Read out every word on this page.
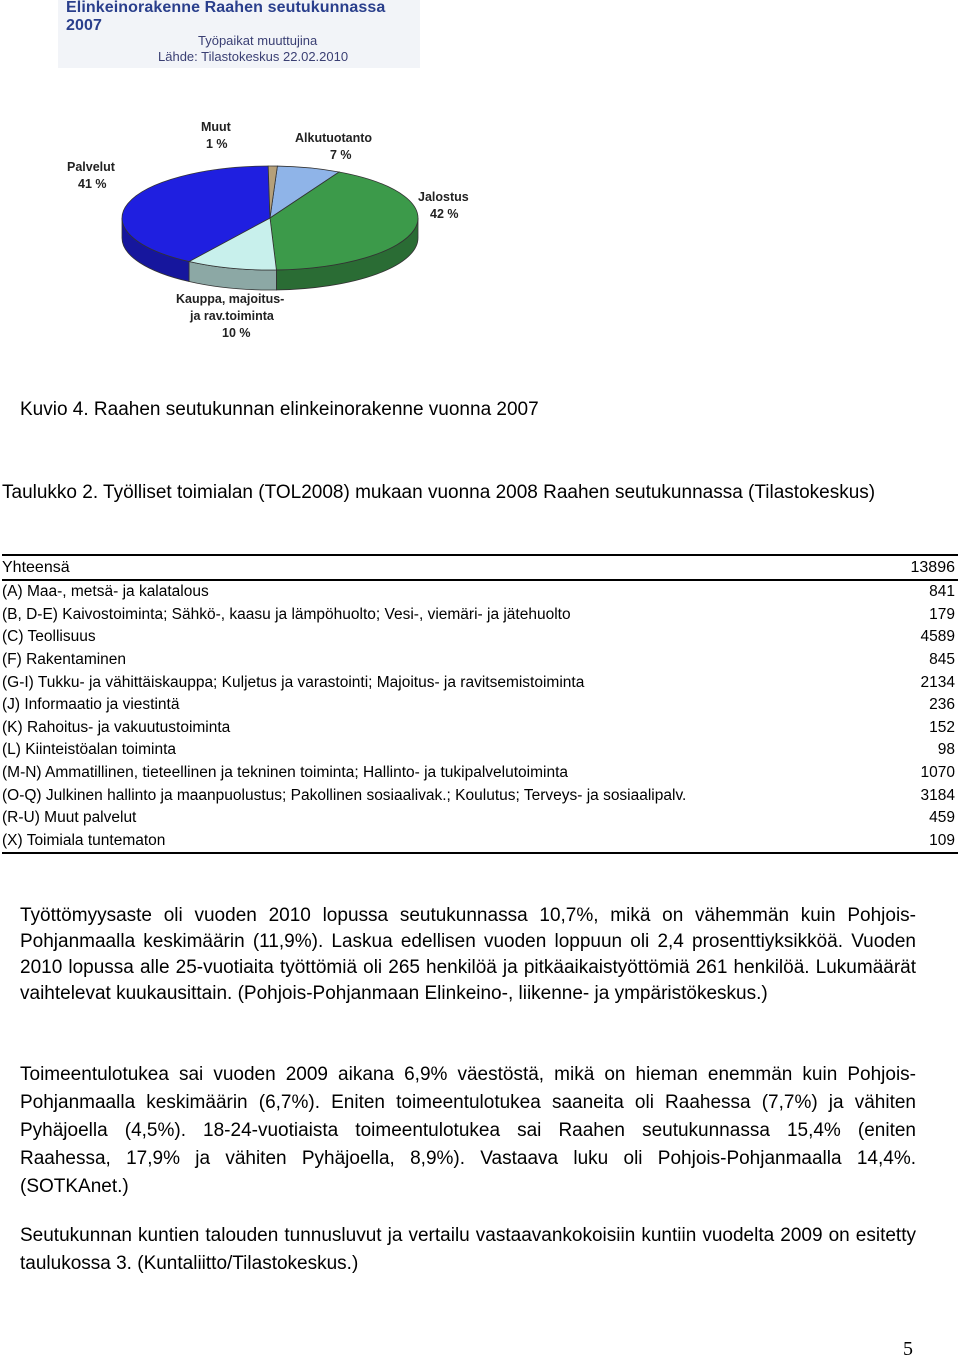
Elinkeinorakenne Raahen seutukunnassa 2007
Työpaikat muuttujina
Lähde: Tilastokeskus 22.02.2010
Muut
1 %	Alkutuotanto
7 %
Palvelut
41 %
Jalostus
42 %
Kauppa, majoitus-
ja rav.toiminta
10 %
Kuvio 4. Raahen seutukunnan elinkeinorakenne vuonna 2007
Taulukko 2. Työlliset toimialan (TOL2008) mukaan vuonna 2008 Raahen seutukunnassa (Tilastokeskus)
Yhteensä	13896
(A) Maa-, metsä- ja kalatalous	841
(B, D-E) Kaivostoiminta; Sähkö-, kaasu ja lämpöhuolto; Vesi-, viemäri- ja jätehuolto	179
(C) Teollisuus	4589
(F) Rakentaminen	845
(G-I) Tukku- ja vähittäiskauppa; Kuljetus ja varastointi; Majoitus- ja ravitsemistoiminta	2134
(J) Informaatio ja viestintä	236
(K) Rahoitus- ja vakuutustoiminta	152
(L) Kiinteistöalan toiminta	98
(M-N) Ammatillinen, tieteellinen ja tekninen toiminta; Hallinto- ja tukipalvelutoiminta	1070
(O-Q) Julkinen hallinto ja maanpuolustus; Pakollinen sosiaalivak.; Koulutus; Terveys- ja sosiaalipalv.	3184
(R-U) Muut palvelut	459
(X) Toimiala tuntematon	109
Työttömyysaste oli vuoden 2010 lopussa seutukunnassa 10,7%, mikä on vähemmän kuin Pohjois-Pohjanmaalla keskimäärin (11,9%). Laskua edellisen vuoden loppuun oli 2,4 prosenttiyksikköä. Vuoden 2010 lopussa alle 25-vuotiaita työttömiä oli 265 henkilöä ja pitkäaikaistyöttömiä 261 henkilöä. Lukumäärät vaihtelevat kuukausittain. (Pohjois-Pohjanmaan Elinkeino-, liikenne- ja ympäristökeskus.)
Toimeentulotukea sai vuoden 2009 aikana 6,9% väestöstä, mikä on hieman enemmän kuin Pohjois-Pohjanmaalla keskimäärin (6,7%). Eniten toimeentulotukea saaneita oli Raahessa (7,7%) ja vähiten Pyhäjoella (4,5%). 18-24-vuotiaista toimeentulotukea sai Raahen seutukunnassa 15,4% (eniten Raahessa, 17,9% ja vähiten Pyhäjoella, 8,9%). Vastaava luku oli Pohjois-Pohjanmaalla 14,4%. (SOTKAnet.)
Seutukunnan kuntien talouden tunnusluvut ja vertailu vastaavankokoisiin kuntiin vuodelta 2009 on esitetty taulukossa 3. (Kuntaliitto/Tilastokeskus.)
5
